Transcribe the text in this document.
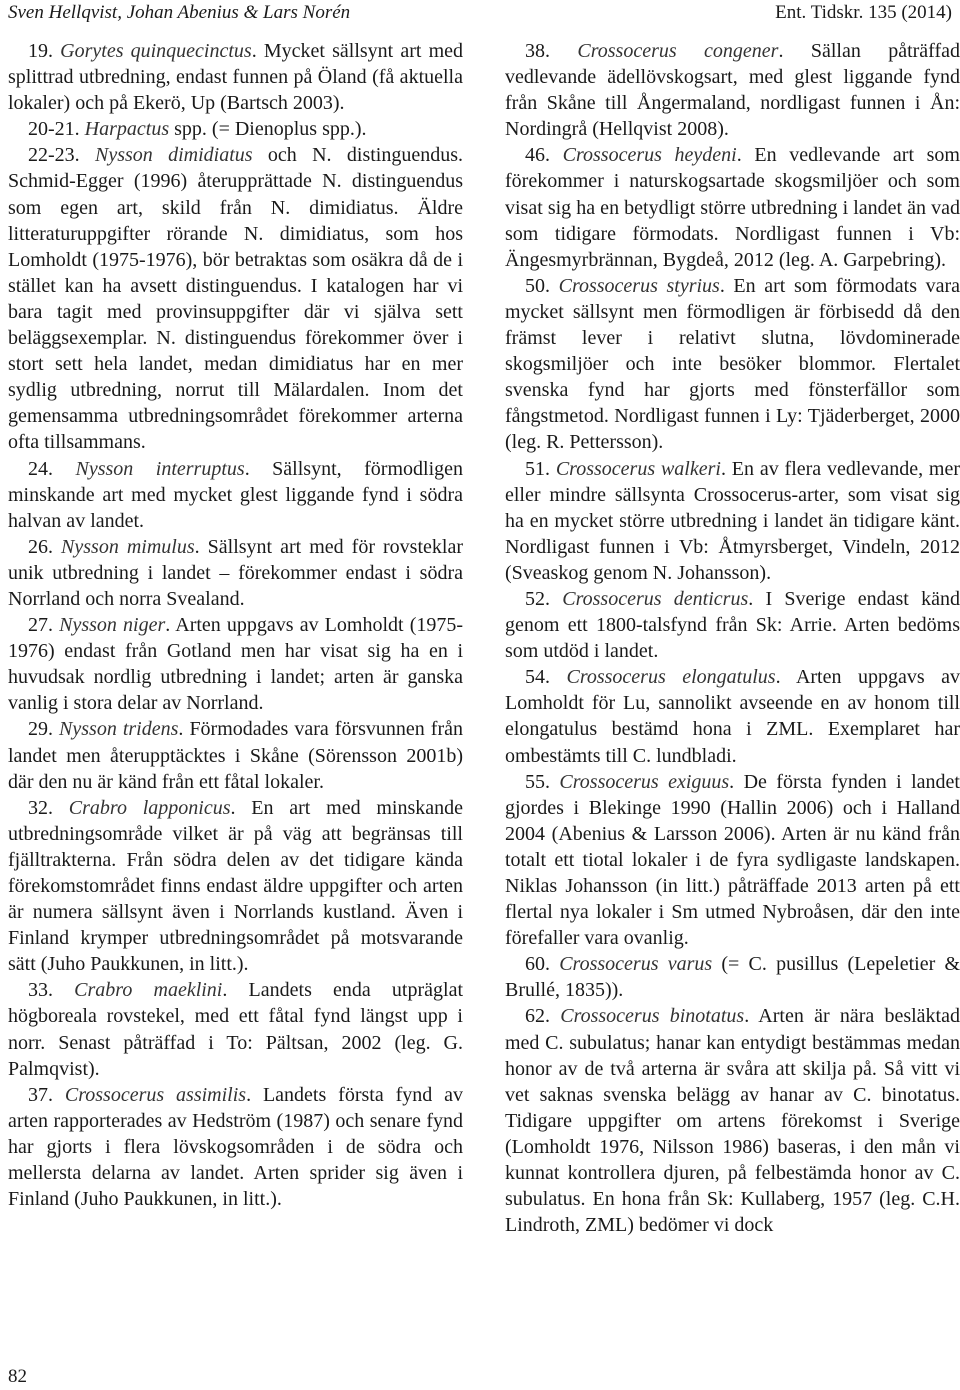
Sven Hellqvist, Johan Abenius & Lars Norén	Ent. Tidskr. 135 (2014)

19. Gorytes quinquecinctus. Mycket sällsynt art med splittrad utbredning, endast funnen på Öland (få aktuella lokaler) och på Ekerö, Up (Bartsch 2003).

20-21. Harpactus spp. (= Dienoplus spp.).

22-23. Nysson dimidiatus och N. distinguendus. Schmid-Egger (1996) återupprättade N. distinguendus som egen art, skild från N. dimidiatus. Äldre litteraturuppgifter rörande N. dimidiatus, som hos Lomholdt (1975-1976), bör betraktas som osäkra då de i stället kan ha avsett distinguendus. I katalogen har vi bara tagit med provinsuppgifter där vi själva sett beläggsexemplar. N. distinguendus förekommer över i stort sett hela landet, medan dimidiatus har en mer sydlig utbredning, norrut till Mälardalen. Inom det gemensamma utbredningsområdet förekommer arterna ofta tillsammans.

24. Nysson interruptus. Sällsynt, förmodligen minskande art med mycket glest liggande fynd i södra halvan av landet.

26. Nysson mimulus. Sällsynt art med för rovsteklar unik utbredning i landet – förekommer endast i södra Norrland och norra Svealand.

27. Nysson niger. Arten uppgavs av Lomholdt (1975-1976) endast från Gotland men har visat sig ha en i huvudsak nordlig utbredning i landet; arten är ganska vanlig i stora delar av Norrland.

29. Nysson tridens. Förmodades vara försvunnen från landet men återupptäcktes i Skåne (Sörensson 2001b) där den nu är känd från ett fåtal lokaler.

32. Crabro lapponicus. En art med minskande utbredningsområde vilket är på väg att begränsas till fjälltrakterna. Från södra delen av det tidigare kända förekomstområdet finns endast äldre uppgifter och arten är numera sällsynt även i Norrlands kustland. Även i Finland krymper utbredningsområdet på motsvarande sätt (Juho Paukkunen, in litt.).

33. Crabro maeklini. Landets enda utpräglat högboreala rovstekel, med ett fåtal fynd längst upp i norr. Senast påträffad i To: Pältsan, 2002 (leg. G. Palmqvist).

37. Crossocerus assimilis. Landets första fynd av arten rapporterades av Hedström (1987) och senare fynd har gjorts i flera lövskogsområden i de södra och mellersta delarna av landet. Arten sprider sig även i Finland (Juho Paukkunen, in litt.).

38. Crossocerus congener. Sällan påträffad vedlevande ädellövskogsart, med glest liggande fynd från Skåne till Ångermaland, nordligast funnen i Ån: Nordingrå (Hellqvist 2008).

46. Crossocerus heydeni. En vedlevande art som förekommer i naturskogsartade skogsmiljöer och som visat sig ha en betydligt större utbredning i landet än vad som tidigare förmodats. Nordligast funnen i Vb: Ängesmyrbrännan, Bygdeå, 2012 (leg. A. Garpebring).

50. Crossocerus styrius. En art som förmodats vara mycket sällsynt men förmodligen är förbisedd då den främst lever i relativt slutna, lövdominerade skogsmiljöer och inte besöker blommor. Flertalet svenska fynd har gjorts med fönsterfällor som fångstmetod. Nordligast funnen i Ly: Tjäderberget, 2000 (leg. R. Pettersson).

51. Crossocerus walkeri. En av flera vedlevande, mer eller mindre sällsynta Crossocerus-arter, som visat sig ha en mycket större utbredning i landet än tidigare känt. Nordligast funnen i Vb: Åtmyrsberget, Vindeln, 2012 (Sveaskog genom N. Johansson).

52. Crossocerus denticrus. I Sverige endast känd genom ett 1800-talsfynd från Sk: Arrie. Arten bedöms som utdöd i landet.

54. Crossocerus elongatulus. Arten uppgavs av Lomholdt för Lu, sannolikt avseende en av honom till elongatulus bestämd hona i ZML. Exemplaret har ombestämts till C. lundbladi.

55. Crossocerus exiguus. De första fynden i landet gjordes i Blekinge 1990 (Hallin 2006) och i Halland 2004 (Abenius & Larsson 2006). Arten är nu känd från totalt ett tiotal lokaler i de fyra sydligaste landskapen. Niklas Johansson (in litt.) påträffade 2013 arten på ett flertal nya lokaler i Sm utmed Nybroåsen, där den inte förefaller vara ovanlig.

60. Crossocerus varus (= C. pusillus (Lepeletier & Brullé, 1835)).

62. Crossocerus binotatus. Arten är nära besläktad med C. subulatus; hanar kan entydigt bestämmas medan honor av de två arterna är svåra att skilja på. Så vitt vi vet saknas svenska belägg av hanar av C. binotatus. Tidigare uppgifter om artens förekomst i Sverige (Lomholdt 1976, Nilsson 1986) baseras, i den mån vi kunnat kontrollera djuren, på felbestämda honor av C. subulatus. En hona från Sk: Kullaberg, 1957 (leg. C.H. Lindroth, ZML) bedömer vi dock

82
